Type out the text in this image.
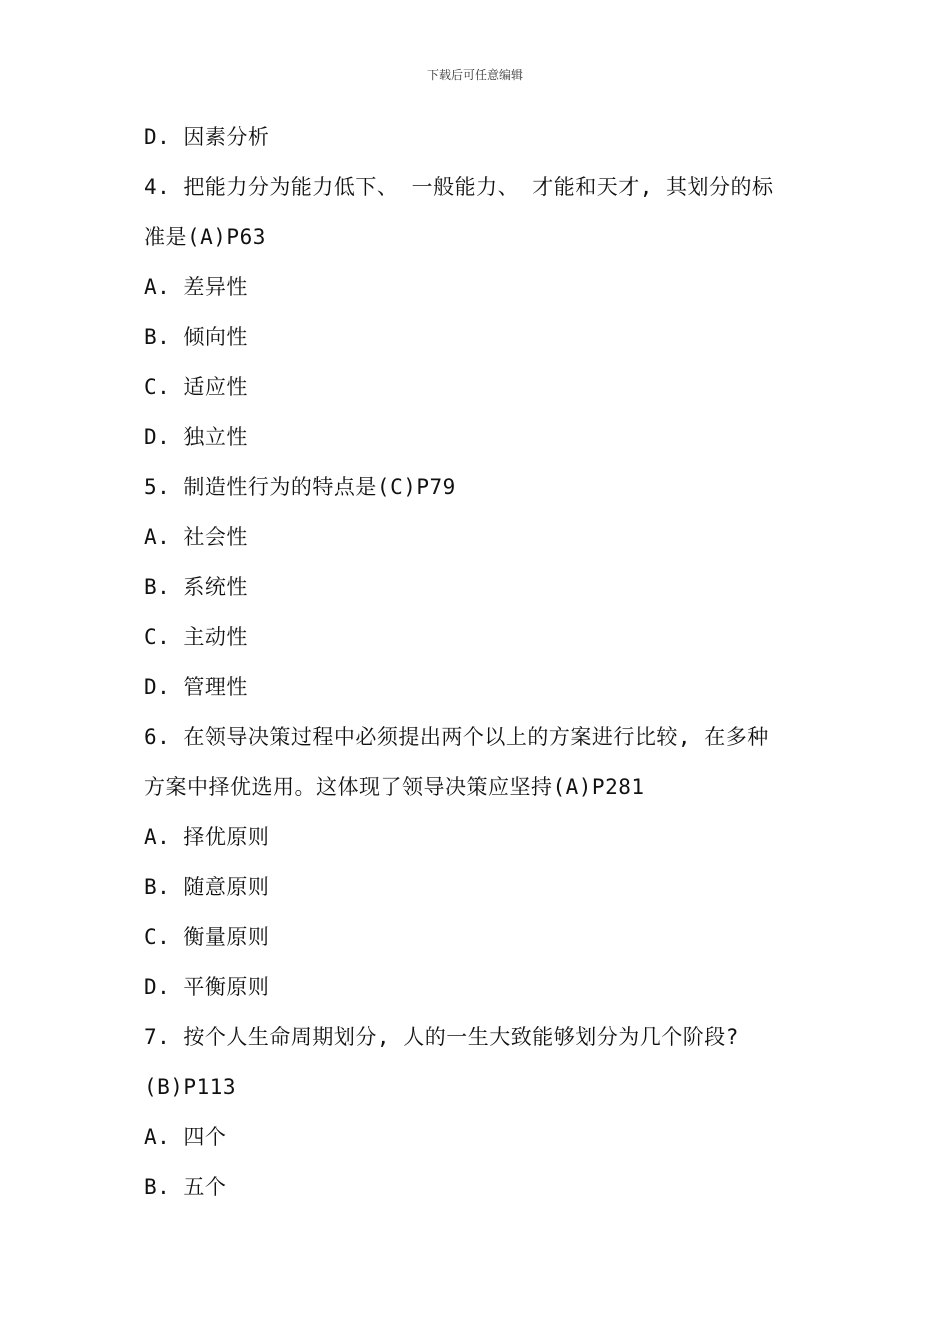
下载后可任意编辑
D. 因素分析
4. 把能力分为能力低下、 一般能力、 才能和天才, 其划分的标
准是(A)P63
A. 差异性
B. 倾向性
C. 适应性
D. 独立性
5. 制造性行为的特点是(C)P79
A. 社会性
B. 系统性
C. 主动性
D. 管理性
6. 在领导决策过程中必须提出两个以上的方案进行比较, 在多种
方案中择优选用。这体现了领导决策应坚持(A)P281
A. 择优原则
B. 随意原则
C. 衡量原则
D. 平衡原则
7. 按个人生命周期划分, 人的一生大致能够划分为几个阶段?
(B)P113
A. 四个
B. 五个
